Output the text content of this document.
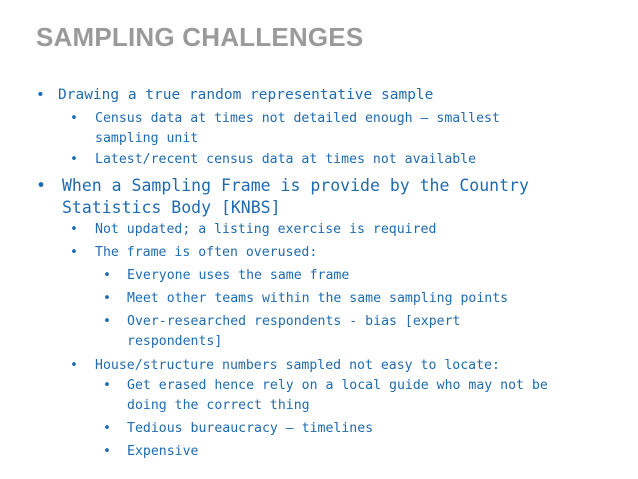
SAMPLING CHALLENGES
• Drawing a true random representative sample
• Census data at times not detailed enough – smallest
sampling unit
• Latest/recent census data at times not available
• When a Sampling Frame is provide by the Country
Statistics Body [KNBS]
• Not updated; a listing exercise is required
• The frame is often overused:
• Everyone uses the same frame
• Meet other teams within the same sampling points
• Over-researched respondents - bias [expert
respondents]
• House/structure numbers sampled not easy to locate:
• Get erased hence rely on a local guide who may not be
doing the correct thing
• Tedious bureaucracy – timelines
• Expensive
